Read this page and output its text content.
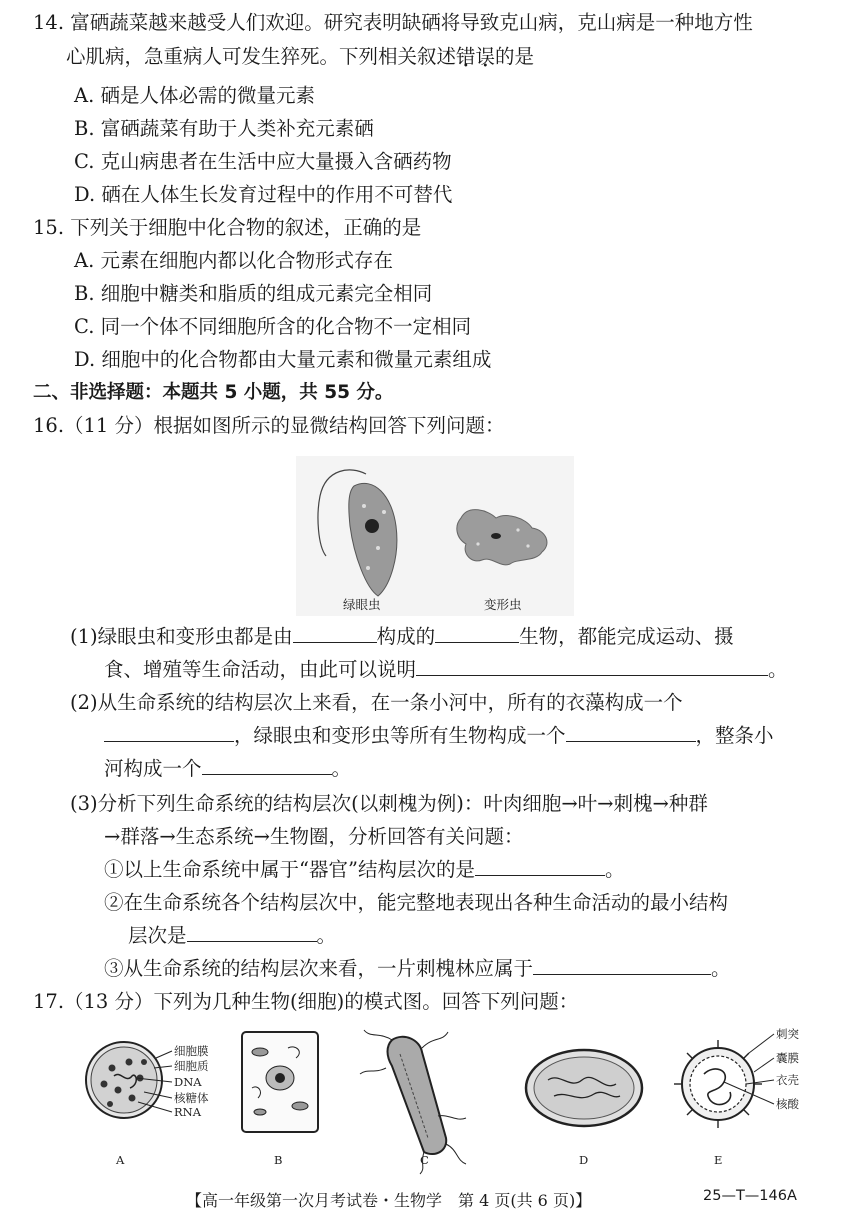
14. 富硒蔬菜越来越受人们欢迎。研究表明缺硒将导致克山病，克山病是一种地方性
心肌病，急重病人可发生猝死。下列相关叙述错误的是
A. 硒是人体必需的微量元素
B. 富硒蔬菜有助于人类补充元素硒
C. 克山病患者在生活中应大量摄入含硒药物
D. 硒在人体生长发育过程中的作用不可替代
15. 下列关于细胞中化合物的叙述，正确的是
A. 元素在细胞内都以化合物形式存在
B. 细胞中糖类和脂质的组成元素完全相同
C. 同一个体不同细胞所含的化合物不一定相同
D. 细胞中的化合物都由大量元素和微量元素组成
二、非选择题：本题共 5 小题，共 55 分。
16.（11 分）根据如图所示的显微结构回答下列问题：
绿眼虫	变形虫
(1)绿眼虫和变形虫都是由	构成的	生物，都能完成运动、摄
食、增殖等生命活动，由此可以说明	。
(2)从生命系统的结构层次上来看，在一条小河中，所有的衣藻构成一个
，绿眼虫和变形虫等所有生物构成一个	，整条小
河构成一个	。
(3)分析下列生命系统的结构层次(以刺槐为例)：叶肉细胞→叶→刺槐→种群
→群落→生态系统→生物圈，分析回答有关问题：
①以上生命系统中属于“器官”结构层次的是	。
②在生命系统各个结构层次中，能完整地表现出各种生命活动的最小结构
层次是	。
③从生命系统的结构层次来看，一片刺槐林应属于	。
17.（13 分）下列为几种生物(细胞)的模式图。回答下列问题：
细胞膜
细胞质
DNA
核糖体
RNA
刺突
囊膜
衣壳
核酸
A	B	C	D	E
【高一年级第一次月考试卷・生物学　第 4 页(共 6 页)】	25—T—146A
